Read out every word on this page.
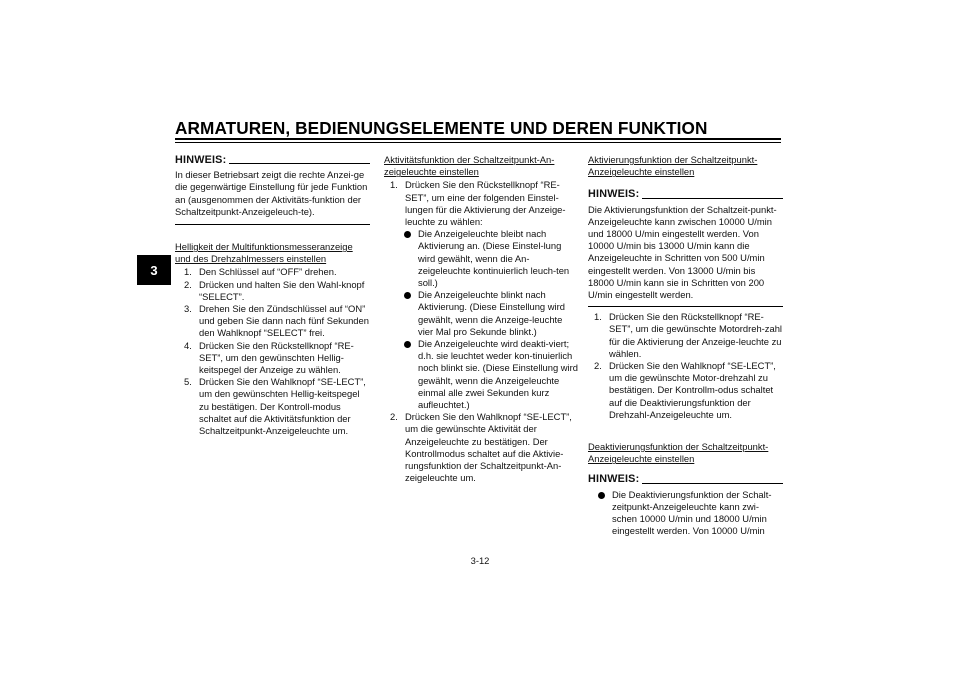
ARMATUREN, BEDIENUNGSELEMENTE UND DEREN FUNKTION
3
HINWEIS:

In dieser Betriebsart zeigt die rechte Anzei-ge die gegenwärtige Einstellung für jede Funktion an (ausgenommen der Aktivitäts-funktion der Schaltzeitpunkt-Anzeigeleuch-te).

Helligkeit der Multifunktionsmesseranzeige und des Drehzahlmessers einstellen
1. Den Schlüssel auf “OFF” drehen.
2. Drücken und halten Sie den Wahl-knopf “SELECT”.
3. Drehen Sie den Zündschlüssel auf “ON” und geben Sie dann nach fünf Sekunden den Wahlknopf “SELECT” frei.
4. Drücken Sie den Rückstellknopf “RE-SET”, um den gewünschten Hellig-keitspegel der Anzeige zu wählen.
5. Drücken Sie den Wahlknopf “SE-LECT”, um den gewünschten Hellig-keitspegel zu bestätigen. Der Kontroll-modus schaltet auf die Aktivitätsfunktion der Schaltzeitpunkt-Anzeigeleuchte um.
Aktivitätsfunktion der Schaltzeitpunkt-An-zeigeleuchte einstellen
1. Drücken Sie den Rückstellknopf “RE-SET”, um eine der folgenden Einstel-lungen für die Aktivierung der Anzeige-leuchte zu wählen:
Die Anzeigeleuchte bleibt nach Aktivierung an. (Diese Einstel-lung wird gewählt, wenn die An-zeigeleuchte kontinuierlich leuch-ten soll.)
Die Anzeigeleuchte blinkt nach Aktivierung. (Diese Einstellung wird gewählt, wenn die Anzeige-leuchte vier Mal pro Sekunde blinkt.)
Die Anzeigeleuchte wird deakti-viert; d.h. sie leuchtet weder kon-tinuierlich noch blinkt sie. (Diese Einstellung wird gewählt, wenn die Anzeigeleuchte einmal alle zwei Sekunden kurz aufleuchtet.)
2. Drücken Sie den Wahlknopf “SE-LECT”, um die gewünschte Aktivität der Anzeigeleuchte zu bestätigen. Der Kontrollmodus schaltet auf die Aktivie-rungsfunktion der Schaltzeitpunkt-An-zeigeleuchte um.
Aktivierungsfunktion der Schaltzeitpunkt-Anzeigeleuchte einstellen
HINWEIS:

Die Aktivierungsfunktion der Schaltzeit-punkt-Anzeigeleuchte kann zwischen 10000 U/min und 18000 U/min eingestellt werden. Von 10000 U/min bis 13000 U/min kann die Anzeigeleuchte in Schritten von 500 U/min eingestellt werden. Von 13000 U/min bis 18000 U/min kann sie in Schritten von 200 U/min eingestellt werden.

1. Drücken Sie den Rückstellknopf “RE-SET”, um die gewünschte Motordreh-zahl für die Aktivierung der Anzeige-leuchte zu wählen.
2. Drücken Sie den Wahlknopf “SE-LECT”, um die gewünschte Motor-drehzahl zu bestätigen. Der Kontrollm-odus schaltet auf die Deaktivierungsfunktion der Drehzahl-Anzeigeleuchte um.
Deaktivierungsfunktion der Schaltzeitpunkt-Anzeigeleuchte einstellen
HINWEIS:
Die Deaktivierungsfunktion der Schalt-zeitpunkt-Anzeigeleuchte kann zwi-schen 10000 U/min und 18000 U/min eingestellt werden. Von 10000 U/min
3-12
